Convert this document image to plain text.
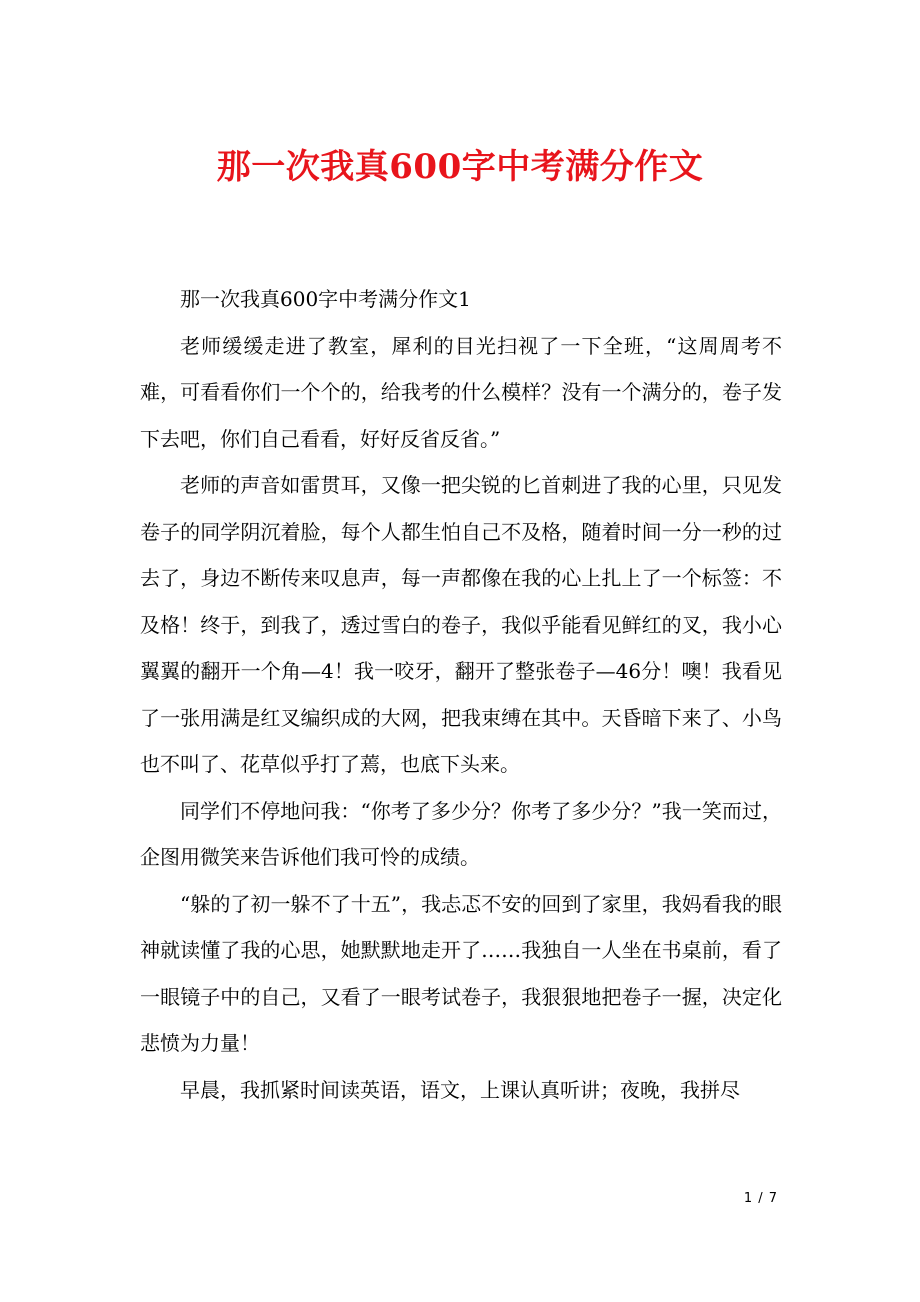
那一次我真600字中考满分作文

那一次我真600字中考满分作文1

老师缓缓走进了教室，犀利的目光扫视了一下全班，“这周周考不难，可看看你们一个个的，给我考的什么模样？没有一个满分的，卷子发下去吧，你们自己看看，好好反省反省。”

老师的声音如雷贯耳，又像一把尖锐的匕首刺进了我的心里，只见发卷子的同学阴沉着脸，每个人都生怕自己不及格，随着时间一分一秒的过去了，身边不断传来叹息声，每一声都像在我的心上扎上了一个标签：不及格！终于，到我了，透过雪白的卷子，我似乎能看见鲜红的叉，我小心翼翼的翻开一个角—4！我一咬牙，翻开了整张卷子—46分！噢！我看见了一张用满是红叉编织成的大网，把我束缚在其中。天昏暗下来了、小鸟也不叫了、花草似乎打了蔫，也底下头来。

同学们不停地问我：“你考了多少分？你考了多少分？”我一笑而过，企图用微笑来告诉他们我可怜的成绩。

“躲的了初一躲不了十五”，我忐忑不安的回到了家里，我妈看我的眼神就读懂了我的心思，她默默地走开了……我独自一人坐在书桌前，看了一眼镜子中的自己，又看了一眼考试卷子，我狠狠地把卷子一握，决定化悲愤为力量！

早晨，我抓紧时间读英语，语文，上课认真听讲；夜晚，我拼尽

1 / 7
